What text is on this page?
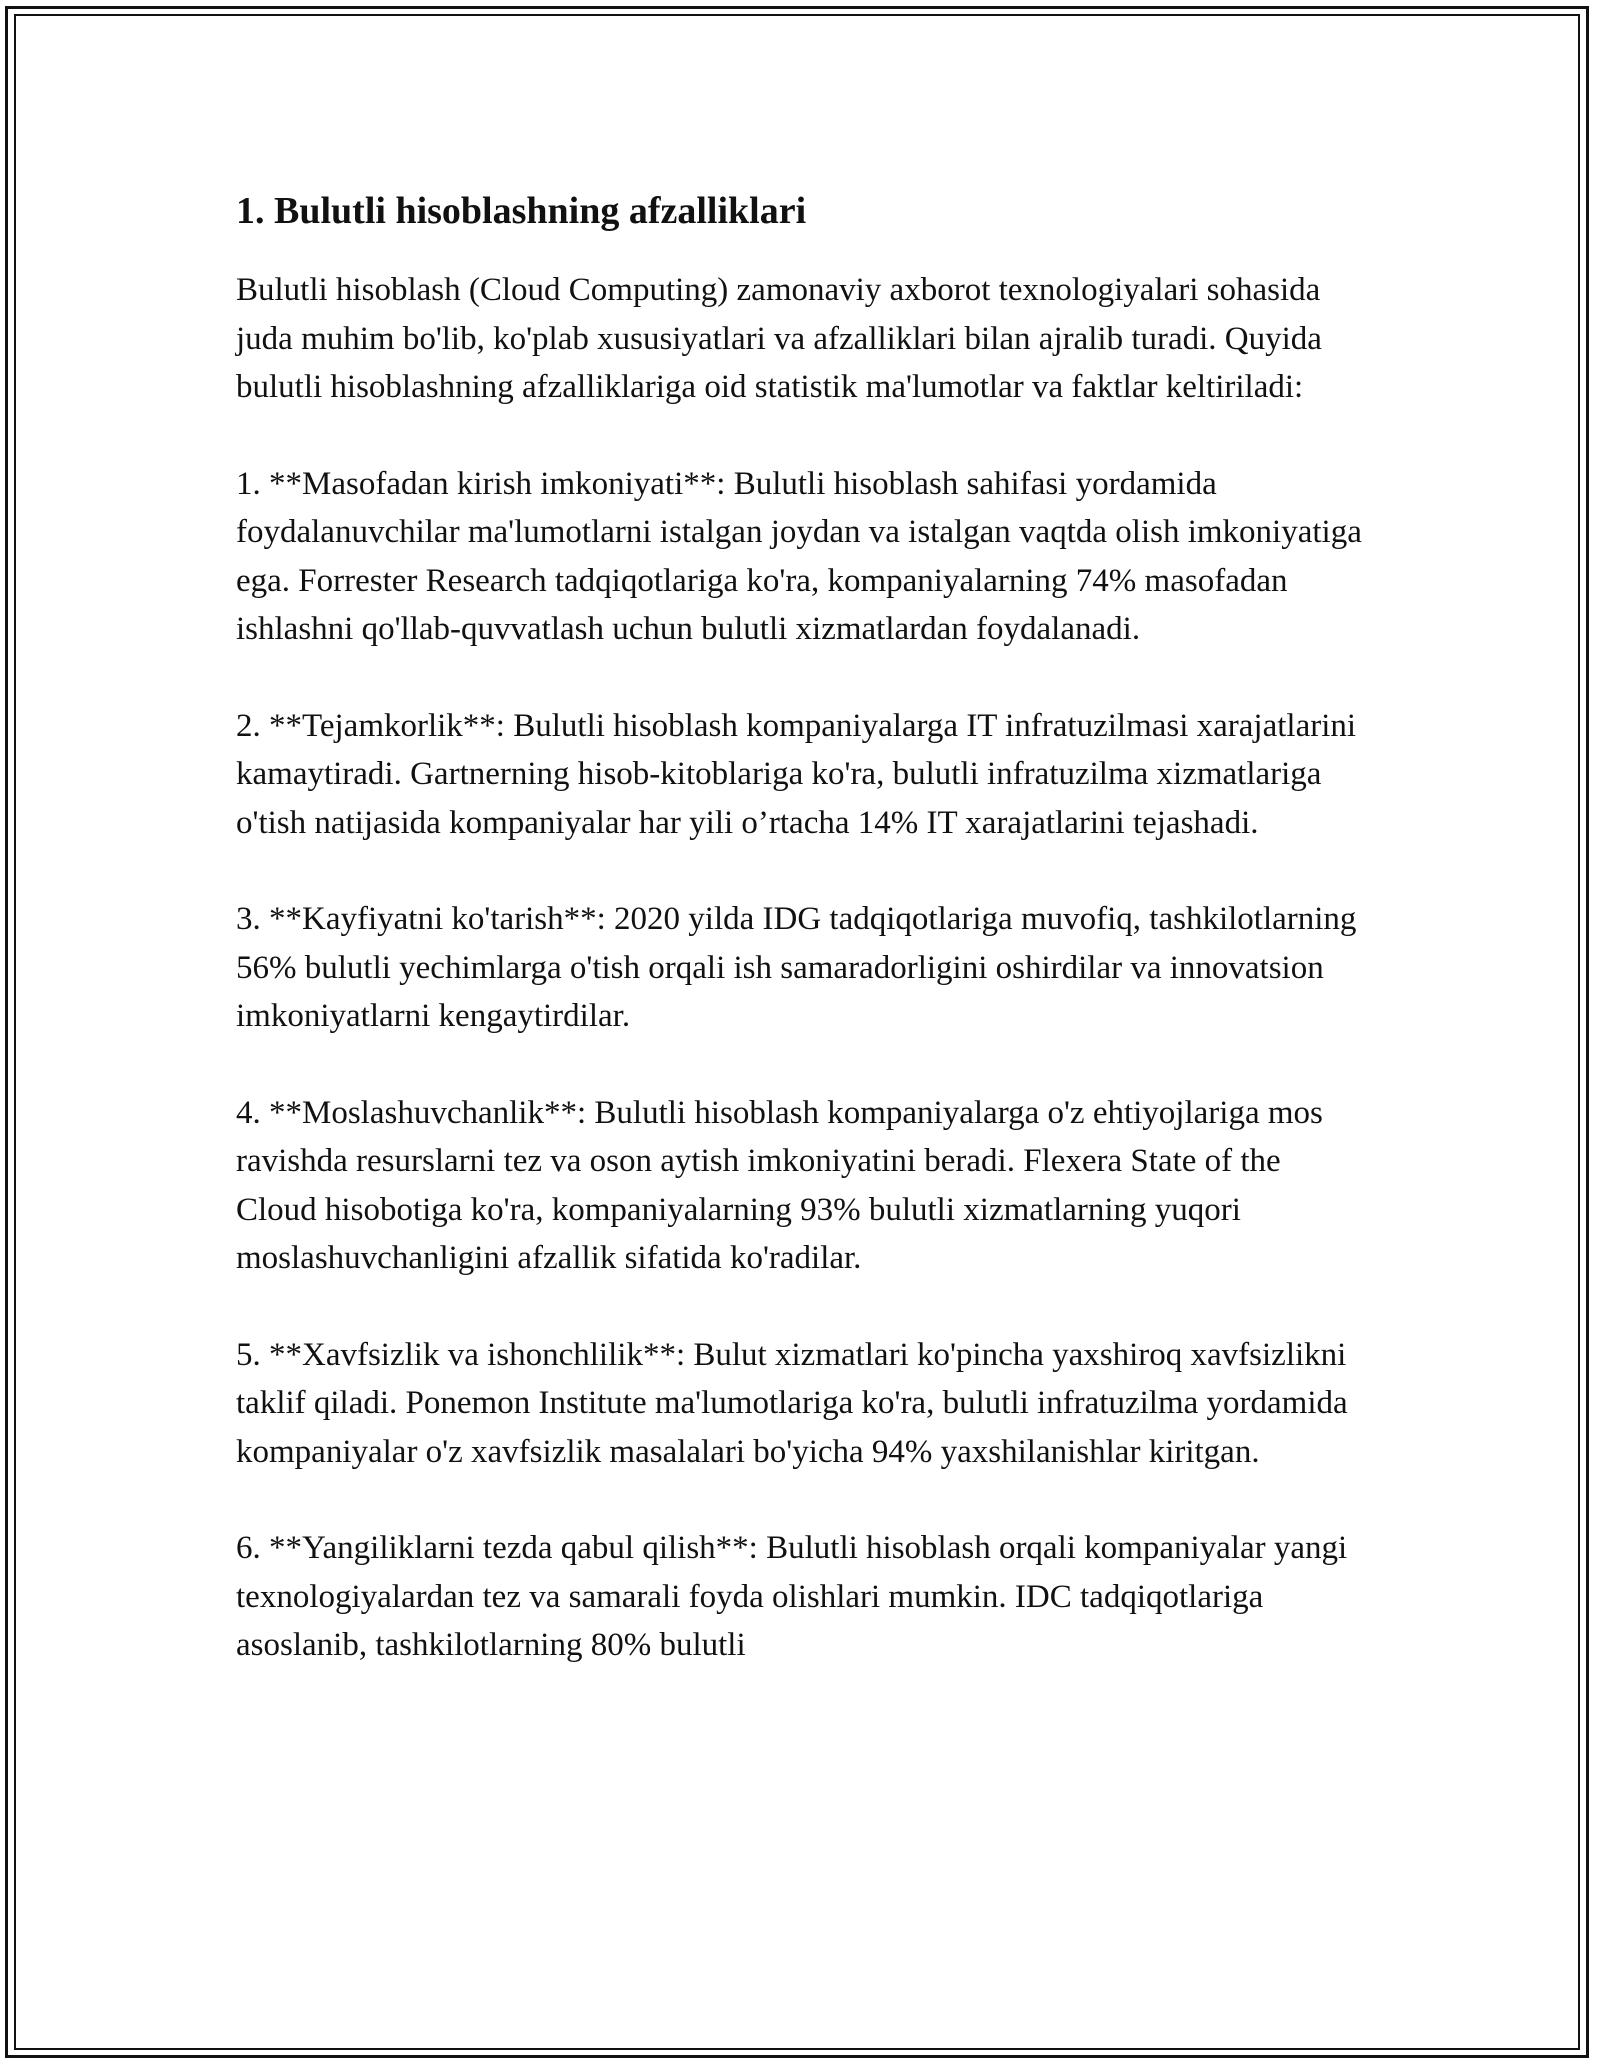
1. Bulutli hisoblashning afzalliklari

Bulutli hisoblash (Cloud Computing) zamonaviy axborot texnologiyalari sohasida juda muhim bo'lib, ko'plab xususiyatlari va afzalliklari bilan ajralib turadi. Quyida bulutli hisoblashning afzalliklariga oid statistik ma'lumotlar va faktlar keltiriladi:

1. **Masofadan kirish imkoniyati**: Bulutli hisoblash sahifasi yordamida foydalanuvchilar ma'lumotlarni istalgan joydan va istalgan vaqtda olish imkoniyatiga ega. Forrester Research tadqiqotlariga ko'ra, kompaniyalarning 74% masofadan ishlashni qo'llab-quvvatlash uchun bulutli xizmatlardan foydalanadi.

2. **Tejamkorlik**: Bulutli hisoblash kompaniyalarga IT infratuzilmasi xarajatlarini kamaytiradi. Gartnerning hisob-kitoblariga ko'ra, bulutli infratuzilma xizmatlariga o'tish natijasida kompaniyalar har yili o’rtacha 14% IT xarajatlarini tejashadi.

3. **Kayfiyatni ko'tarish**: 2020 yilda IDG tadqiqotlariga muvofiq, tashkilotlarning 56% bulutli yechimlarga o'tish orqali ish samaradorligini oshirdilar va innovatsion imkoniyatlarni kengaytirdilar.

4. **Moslashuvchanlik**: Bulutli hisoblash kompaniyalarga o'z ehtiyojlariga mos ravishda resurslarni tez va oson aytish imkoniyatini beradi. Flexera State of the Cloud hisobotiga ko'ra, kompaniyalarning 93% bulutli xizmatlarning yuqori moslashuvchanligini afzallik sifatida ko'radilar.

5. **Xavfsizlik va ishonchlilik**: Bulut xizmatlari ko'pincha yaxshiroq xavfsizlikni taklif qiladi. Ponemon Institute ma'lumotlariga ko'ra, bulutli infratuzilma yordamida kompaniyalar o'z xavfsizlik masalalari bo'yicha 94% yaxshilanishlar kiritgan.

6. **Yangiliklarni tezda qabul qilish**: Bulutli hisoblash orqali kompaniyalar yangi texnologiyalardan tez va samarali foyda olishlari mumkin. IDC tadqiqotlariga asoslanib, tashkilotlarning 80% bulutli
